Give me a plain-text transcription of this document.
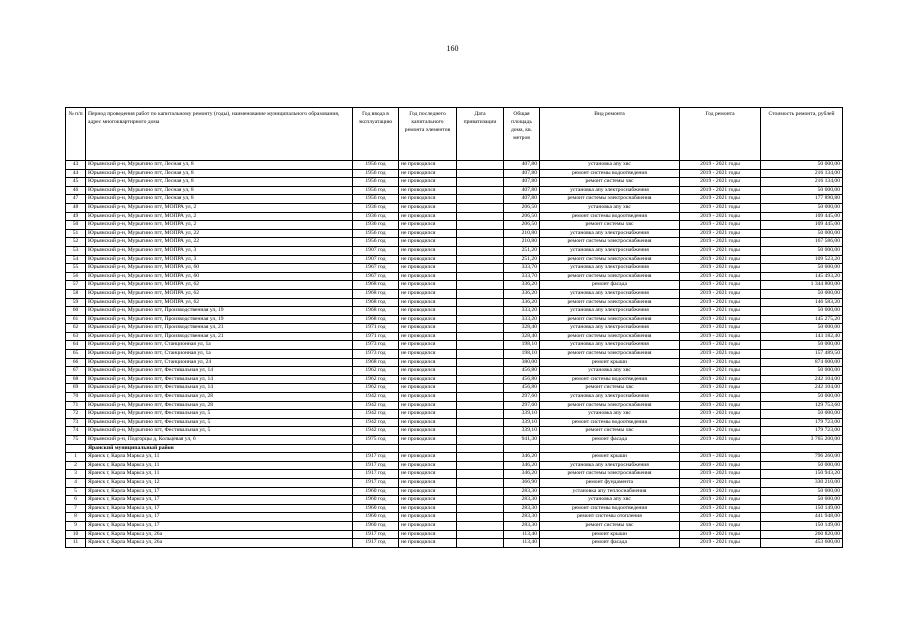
160
№ п/п	Период проведения работ по капитальному ремонту (годы), наименование муниципального образования, адрес многоквартирного дома	Год ввода в эксплуатацию	Год последнего капитального ремонта элементов	Дата приватизации	Общая площадь дома, кв. метров	Вид ремонта	Год ремонта	Стоимость ремонта, рублей
43	Юрьянский р-н, Мурыгино пгт, Лесная ул, 8	1956 год	не проводился		407,80	установка апу хвс	2019 - 2021 годы	50 000,00
44	Юрьянский р-н, Мурыгино пгт, Лесная ул, 8	1956 год	не проводился		407,80	ремонт системы водоотведения	2019 - 2021 годы	216 134,00
45	Юрьянский р-н, Мурыгино пгт, Лесная ул, 8	1956 год	не проводился		407,80	ремонт системы хвс	2019 - 2021 годы	216 134,00
46	Юрьянский р-н, Мурыгино пгт, Лесная ул, 8	1956 год	не проводился		407,80	установка апу электроснабжения	2019 - 2021 годы	50 000,00
47	Юрьянский р-н, Мурыгино пгт, Лесная ул, 8	1956 год	не проводился		407,80	ремонт системы электроснабжения	2019 - 2021 годы	177 890,80
48	Юрьянский р-н, Мурыгино пгт, МОПРА ул, 2	1936 год	не проводился		206,50	установка апу хвс	2019 - 2021 годы	50 000,00
49	Юрьянский р-н, Мурыгино пгт, МОПРА ул, 2	1936 год	не проводился		206,50	ремонт системы водоотведения	2019 - 2021 годы	109 445,00
50	Юрьянский р-н, Мурыгино пгт, МОПРА ул, 2	1936 год	не проводился		206,50	ремонт системы хвс	2019 - 2021 годы	109 445,00
51	Юрьянский р-н, Мурыгино пгт, МОПРА ул, 22	1956 год	не проводился		210,80	установка апу электроснабжения	2019 - 2021 годы	50 000,00
52	Юрьянский р-н, Мурыгино пгт, МОПРА ул, 22	1956 год	не проводился		210,80	ремонт системы электроснабжения	2019 - 2021 годы	167 586,00
53	Юрьянский р-н, Мурыгино пгт, МОПРА ул, 3	1907 год	не проводился		251,20	установка апу электроснабжения	2019 - 2021 годы	50 000,00
54	Юрьянский р-н, Мурыгино пгт, МОПРА ул, 3	1907 год	не проводился		251,20	ремонт системы электроснабжения	2019 - 2021 годы	109 523,20
55	Юрьянский р-н, Мурыгино пгт, МОПРА ул, 60	1967 год	не проводился		333,70	установка апу электроснабжения	2019 - 2021 годы	50 000,00
56	Юрьянский р-н, Мурыгино пгт, МОПРА ул, 60	1967 год	не проводился		333,70	ремонт системы электроснабжения	2019 - 2021 годы	145 493,20
57	Юрьянский р-н, Мурыгино пгт, МОПРА ул, 62	1968 год	не проводился		336,20	ремонт фасада	2019 - 2021 годы	1 344 800,00
58	Юрьянский р-н, Мурыгино пгт, МОПРА ул, 62	1968 год	не проводился		336,20	установка апу электроснабжения	2019 - 2021 годы	50 000,00
59	Юрьянский р-н, Мурыгино пгт, МОПРА ул, 62	1968 год	не проводился		336,20	ремонт системы электроснабжения	2019 - 2021 годы	146 583,20
60	Юрьянский р-н, Мурыгино пгт, Производственная ул, 19	1968 год	не проводился		333,20	установка апу электроснабжения	2019 - 2021 годы	50 000,00
61	Юрьянский р-н, Мурыгино пгт, Производственная ул, 19	1968 год	не проводился		333,20	ремонт системы электроснабжения	2019 - 2021 годы	145 275,20
62	Юрьянский р-н, Мурыгино пгт, Производственная ул, 21	1971 год	не проводился		328,40	установка апу электроснабжения	2019 - 2021 годы	50 000,00
63	Юрьянский р-н, Мурыгино пгт, Производственная ул, 21	1971 год	не проводился		328,40	ремонт системы электроснабжения	2019 - 2021 годы	143 182,40
64	Юрьянский р-н, Мурыгино пгт, Станционная ул, 1а	1973 год	не проводился		198,10	установка апу электроснабжения	2019 - 2021 годы	50 000,00
65	Юрьянский р-н, Мурыгино пгт, Станционная ул, 1а	1973 год	не проводился		198,10	ремонт системы электроснабжения	2019 - 2021 годы	157 489,50
66	Юрьянский р-н, Мурыгино пгт, Станционная ул, 24	1968 год	не проводился		380,00	ремонт крыши	2019 - 2021 годы	874 000,00
67	Юрьянский р-н, Мурыгино пгт, Фестивальная ул, 14	1962 год	не проводился		456,80	установка апу хвс	2019 - 2021 годы	50 000,00
68	Юрьянский р-н, Мурыгино пгт, Фестивальная ул, 14	1962 год	не проводился		456,80	ремонт системы водоотведения	2019 - 2021 годы	242 104,00
69	Юрьянский р-н, Мурыгино пгт, Фестивальная ул, 14	1962 год	не проводился		456,80	ремонт системы хвс	2019 - 2021 годы	242 104,00
70	Юрьянский р-н, Мурыгино пгт, Фестивальная ул, 28	1942 год	не проводился		297,60	установка апу электроснабжения	2019 - 2021 годы	50 000,00
71	Юрьянский р-н, Мурыгино пгт, Фестивальная ул, 28	1942 год	не проводился		297,60	ремонт системы электроснабжения	2019 - 2021 годы	129 753,60
72	Юрьянский р-н, Мурыгино пгт, Фестивальная ул, 5	1942 год	не проводился		339,10	установка апу хвс	2019 - 2021 годы	50 000,00
73	Юрьянский р-н, Мурыгино пгт, Фестивальная ул, 5	1942 год	не проводился		339,10	ремонт системы водоотведения	2019 - 2021 годы	179 723,00
74	Юрьянский р-н, Мурыгино пгт, Фестивальная ул, 5	1942 год	не проводился		339,10	ремонт системы хвс	2019 - 2021 годы	179 723,00
75	Юрьянский р-н, Подгорцы д, Кольцевая ул, 6	1975 год	не проводился		941,30	ремонт фасада	2019 - 2021 годы	3 765 200,00
	Яранский муниципальный район							
1	Яранск г, Карла Маркса ул, 11	1917 год	не проводился		346,20	ремонт крыши	2019 - 2021 годы	796 260,00
2	Яранск г, Карла Маркса ул, 11	1917 год	не проводился		346,20	установка апу электроснабжения	2019 - 2021 годы	50 000,00
3	Яранск г, Карла Маркса ул, 11	1917 год	не проводился		346,20	ремонт системы электроснабжения	2019 - 2021 годы	150 943,20
4	Яранск г, Карла Маркса ул, 12	1917 год	не проводился		366,90	ремонт фундамента	2019 - 2021 годы	330 210,00
5	Яранск г, Карла Маркса ул, 17	1960 год	не проводился		283,30	установка апу теплоснабжения	2019 - 2021 годы	50 000,00
6	Яранск г, Карла Маркса ул, 17	1960 год	не проводился		283,30	установка апу хвс	2019 - 2021 годы	50 000,00
7	Яранск г, Карла Маркса ул, 17	1960 год	не проводился		283,30	ремонт системы водоотведения	2019 - 2021 годы	150 149,00
8	Яранск г, Карла Маркса ул, 17	1960 год	не проводился		283,30	ремонт системы отопления	2019 - 2021 годы	441 948,00
9	Яранск г, Карла Маркса ул, 17	1960 год	не проводился		283,30	ремонт системы хвс	2019 - 2021 годы	150 149,00
10	Яранск г, Карла Маркса ул, 26а	1917 год	не проводился		113,40	ремонт крыши	2019 - 2021 годы	260 820,00
11	Яранск г, Карла Маркса ул, 26а	1917 год	не проводился		113,40	ремонт фасада	2019 - 2021 годы	453 600,00
